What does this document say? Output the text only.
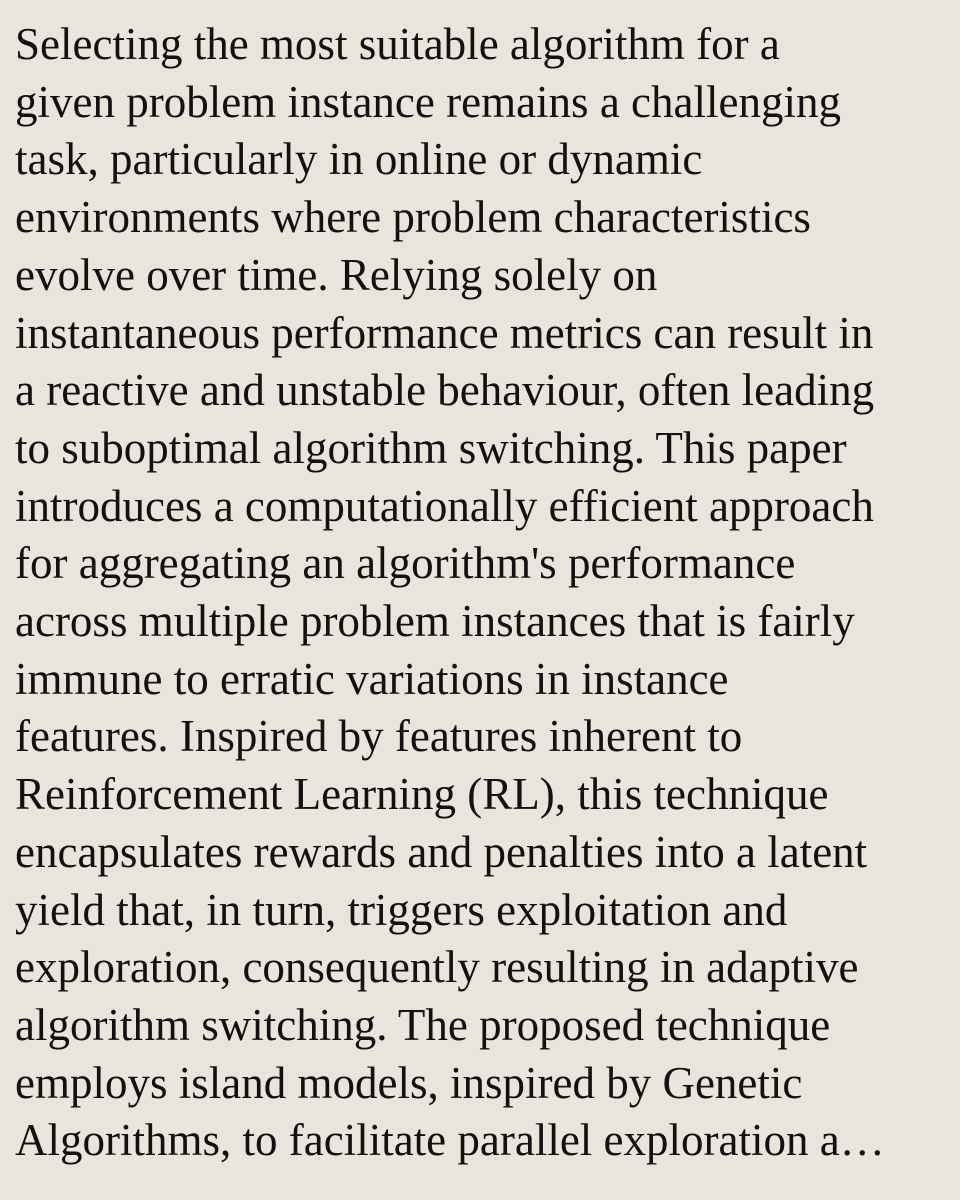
Selecting the most suitable algorithm for a
given problem instance remains a challenging
task, particularly in online or dynamic
environments where problem characteristics
evolve over time. Relying solely on
instantaneous performance metrics can result in
a reactive and unstable behaviour, often leading
to suboptimal algorithm switching. This paper
introduces a computationally efficient approach
for aggregating an algorithm's performance
across multiple problem instances that is fairly
immune to erratic variations in instance
features. Inspired by features inherent to
Reinforcement Learning (RL), this technique
encapsulates rewards and penalties into a latent
yield that, in turn, triggers exploitation and
exploration, consequently resulting in adaptive
algorithm switching. The proposed technique
employs island models, inspired by Genetic
Algorithms, to facilitate parallel exploration a…
